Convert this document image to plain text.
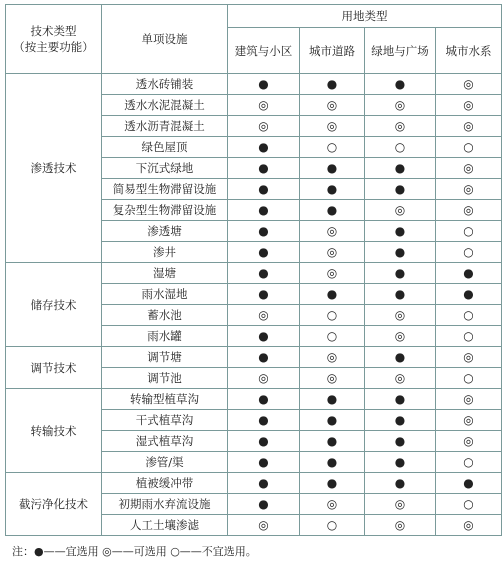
技术类型
（按主要功能）	单项设施	用地类型			
		建筑与小区	城市道路	绿地与广场	城市水系
渗透技术	透水砖铺装	●	●	●	◎
	透水水泥混凝土	◎	◎	◎	◎
	透水沥青混凝土	◎	◎	◎	◎
	绿色屋顶	●	○	○	○
	下沉式绿地	●	●	●	◎
	简易型生物滞留设施	●	●	●	◎
	复杂型生物滞留设施	●	●	◎	◎
	渗透塘	●	◎	●	○
	渗井	●	◎	●	○
储存技术	湿塘	●	◎	●	●
	雨水湿地	●	●	●	●
	蓄水池	◎	○	◎	○
	雨水罐	●	○	◎	○
调节技术	调节塘	●	◎	●	◎
	调节池	◎	◎	◎	○
转输技术	转输型植草沟	●	●	●	◎
	干式植草沟	●	●	●	◎
	湿式植草沟	●	●	●	◎
	渗管/渠	●	●	●	○
截污净化技术	植被缓冲带	●	●	●	●
	初期雨水弃流设施	●	◎	◎	○
	人工土壤渗滤	◎	○	◎	◎
注：●——宜选用 ◎——可选用 ○——不宜选用。
